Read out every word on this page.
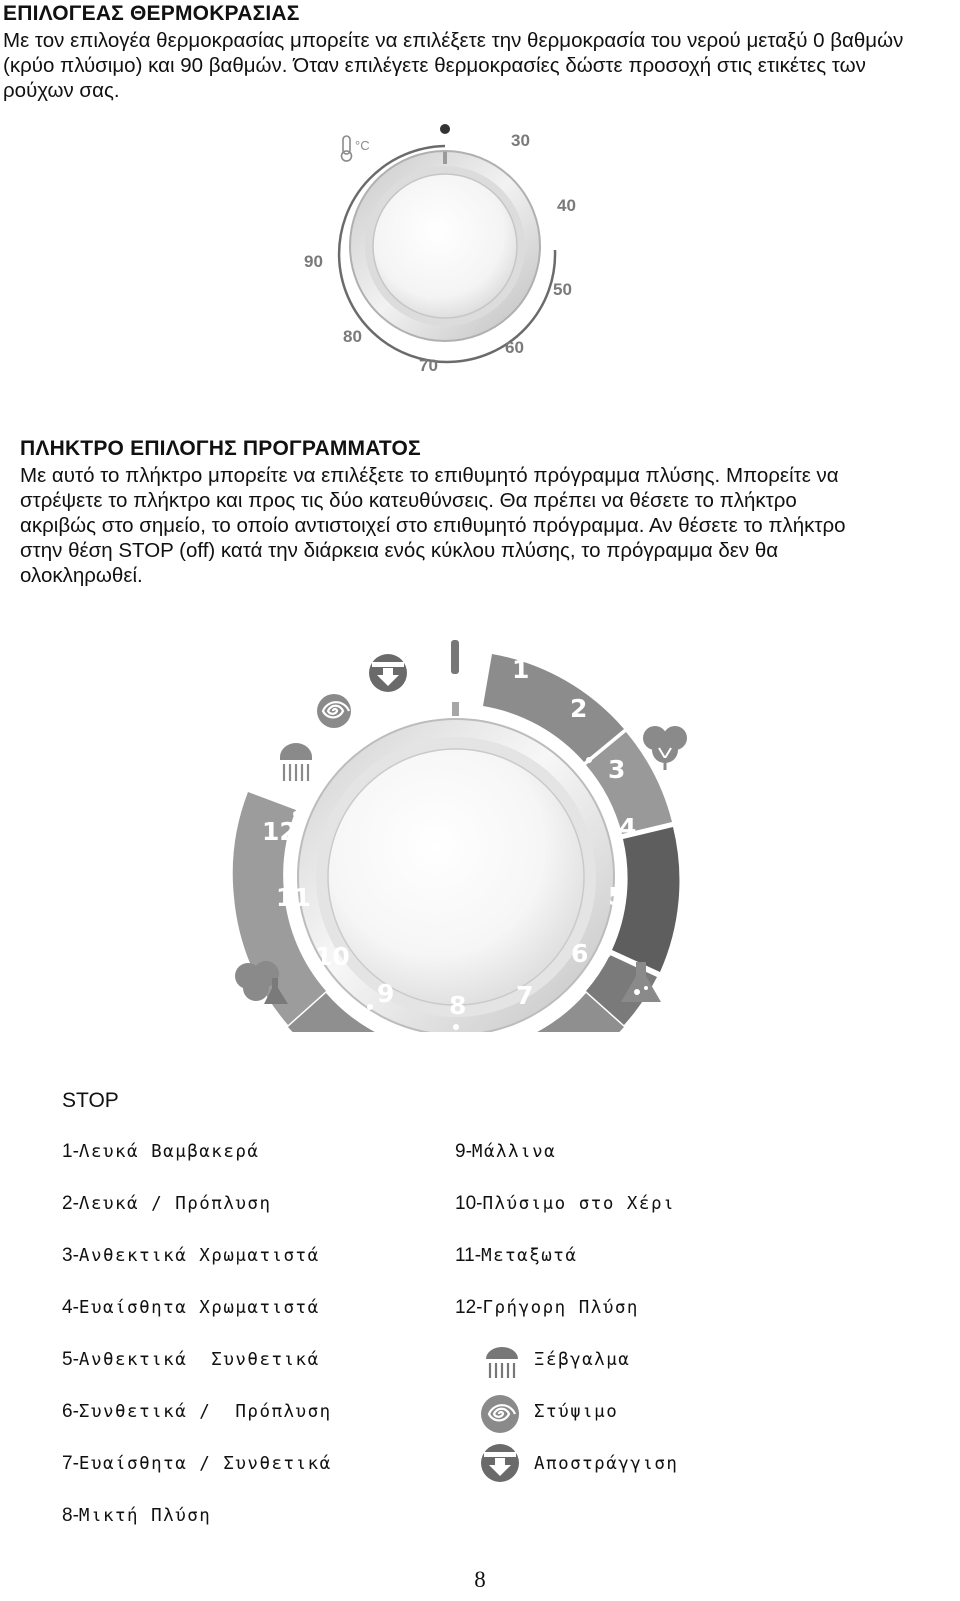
ΕΠΙΛΟΓΕΑΣ ΘΕΡΜΟΚΡΑΣΙΑΣ
Με τον επιλογέα θερμοκρασίας μπορείτε να επιλέξετε την θερμοκρασία του νερού μεταξύ 0 βαθμών
(κρύο πλύσιμο) και 90 βαθμών. Όταν επιλέγετε θερμοκρασίες δώστε προσοχή στις ετικέτες των
ρούχων σας.
°C	30
40
50
60
70
80
90
ΠΛΗΚΤΡΟ ΕΠΙΛΟΓΗΣ ΠΡΟΓΡΑΜΜΑΤΟΣ
Με αυτό το πλήκτρο μπορείτε να επιλέξετε το επιθυμητό πρόγραμμα πλύσης. Μπορείτε να
στρέψετε το πλήκτρο και προς τις δύο κατευθύνσεις. Θα πρέπει να θέσετε το πλήκτρο
ακριβώς στο σημείο, το οποίο αντιστοιχεί στο επιθυμητό πρόγραμμα. Αν θέσετε το πλήκτρο
στην θέση STOP (off) κατά την διάρκεια ενός κύκλου πλύσης, το πρόγραμμα δεν θα
ολοκληρωθεί.
1
2
3
4
5
6
7
8
9
10
11
12
STOP
1-Λευκά Βαμβακερά
2-Λευκά / Πρόπλυση
3-Ανθεκτικά Χρωματιστά
4-Ευαίσθητα Χρωματιστά
5-Ανθεκτικά  Συνθετικά
6-Συνθετικά /  Πρόπλυση
7-Ευαίσθητα / Συνθετικά
8-Μικτή Πλύση
9-Μάλλινα
10-Πλύσιμο στο Χέρι
11-Μεταξωτά
12-Γρήγορη Πλύση
Ξέβγαλμα
Στύψιμο
Αποστράγγιση
8
